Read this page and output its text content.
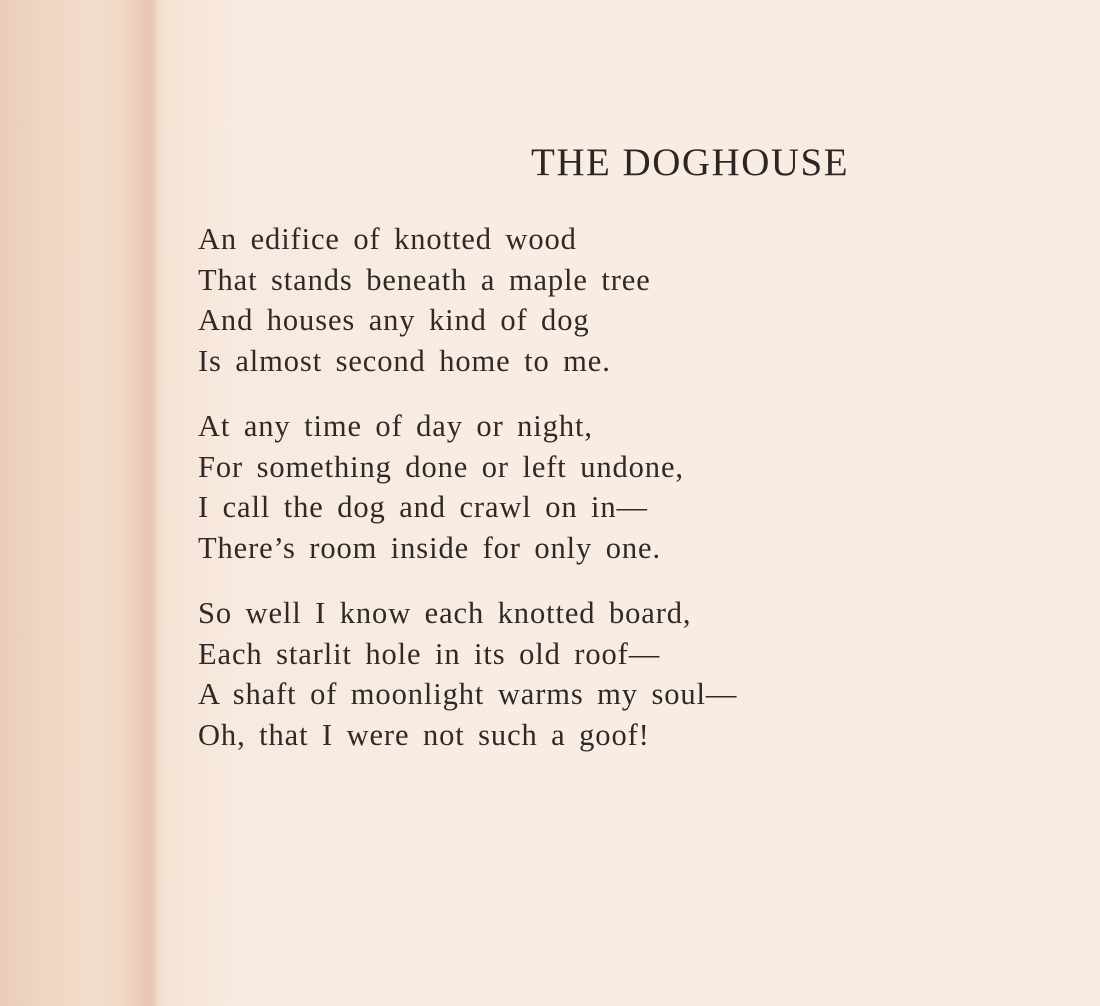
THE DOGHOUSE
An edifice of knotted wood
That stands beneath a maple tree
And houses any kind of dog
Is almost second home to me.
At any time of day or night,
For something done or left undone,
I call the dog and crawl on in—
There’s room inside for only one.
So well I know each knotted board,
Each starlit hole in its old roof—
A shaft of moonlight warms my soul—
Oh, that I were not such a goof!
